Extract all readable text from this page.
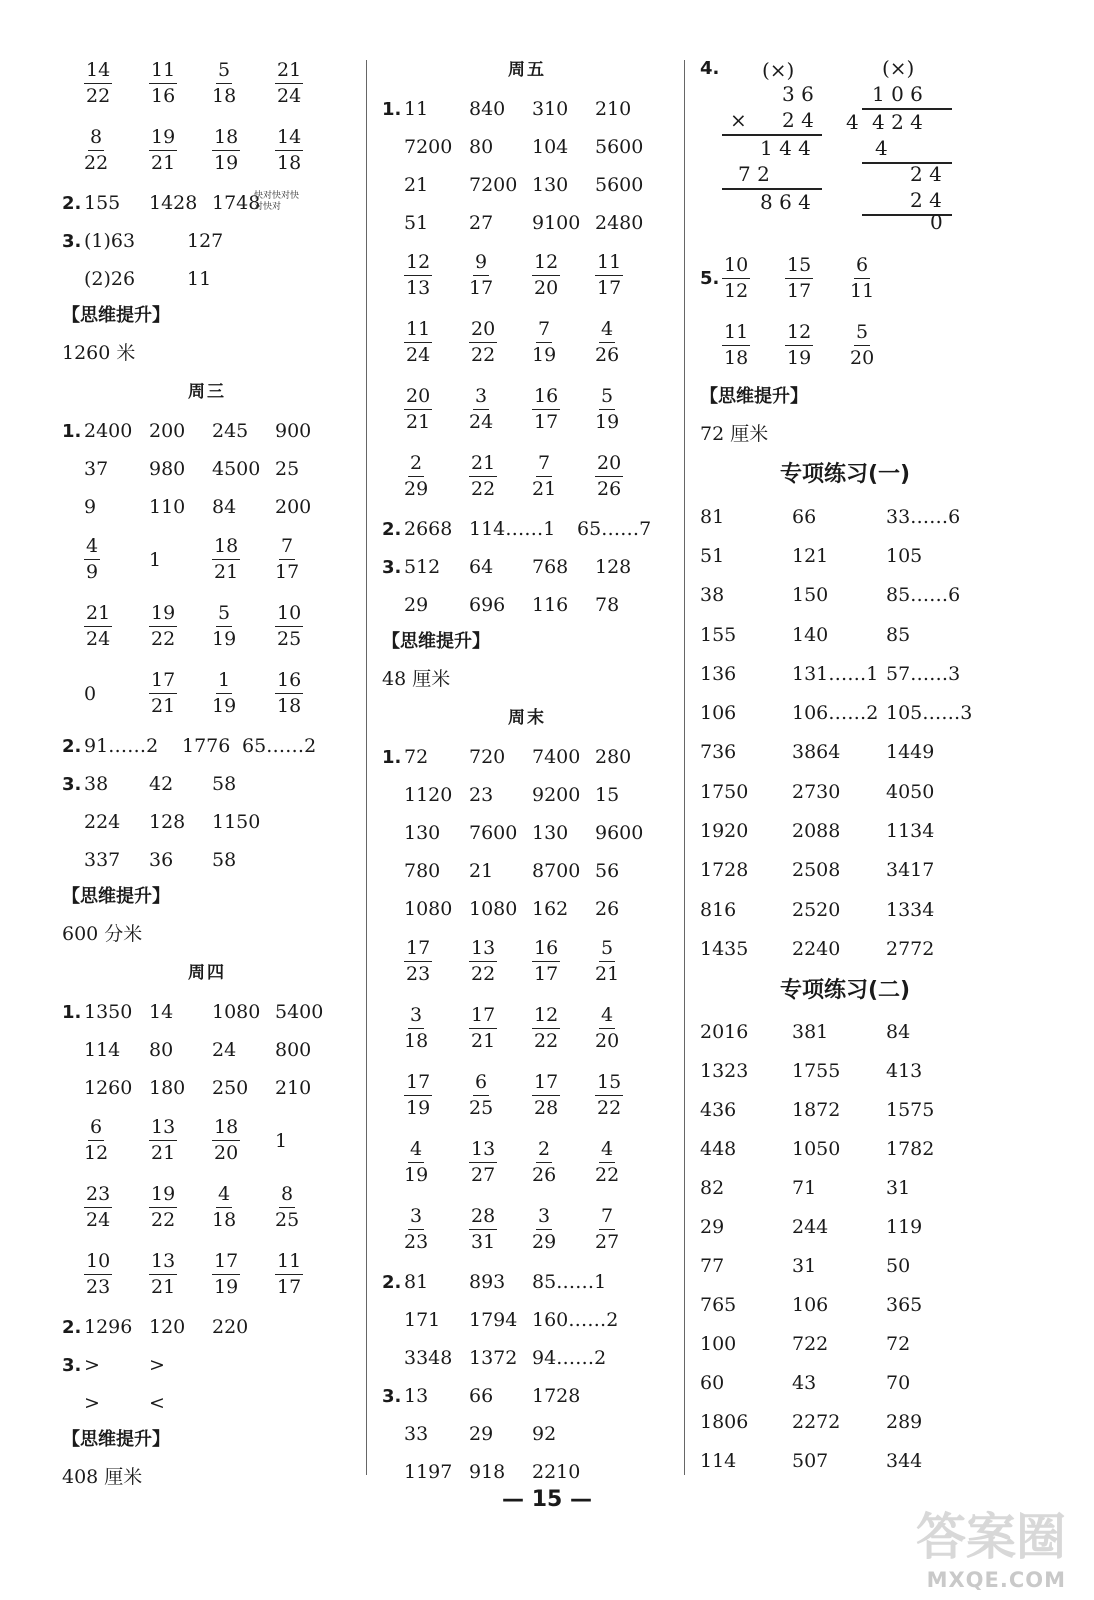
$\frac{14}{22} \frac{11}{16} \frac{5}{18} \frac{21}{24}$
$\frac{8}{22} \frac{19}{21} \frac{18}{19} \frac{14}{18}$
2. 155 1428 1748
快对快对快对快对
3. (1)63	127
(2)26	11
【思维提升】
1260 米
周三
1. 2400 200 245 900
37 980 4500 25
9	110 84 200
$\frac{4}{9}$	1	$\frac{18}{21} \frac{7}{17}$
$\frac{21}{24} \frac{19}{22} \frac{5}{19} \frac{10}{25}$
0	$\frac{17}{21} \frac{1}{19} \frac{16}{18}$
2. 91……2 1776 65……2
3. 38 42 58
224 128 1150
337 36 58
【思维提升】
600 分米
周四
1. 1350 14 1080 5400
114 80 24 800
1260 180 250 210
$\frac{6}{12} \frac{13}{21} \frac{18}{20} 1$
$\frac{23}{24} \frac{19}{22} \frac{4}{18} \frac{8}{25}$
$\frac{10}{23} \frac{13}{21} \frac{17}{19} \frac{11}{17}$
2. 1296 120 220
3. >	>
>	<
【思维提升】
408 厘米
周五
1. 11 840 310 210
7200 80 104 5600
21 7200 130 5600
51 27 9100 2480
$\frac{12}{13} \frac{9}{17} \frac{12}{20} \frac{11}{17}$
$\frac{11}{24} \frac{20}{22} \frac{7}{19} \frac{4}{26}$
$\frac{20}{21} \frac{3}{24} \frac{16}{17} \frac{5}{19}$
$\frac{2}{29} \frac{21}{22} \frac{7}{21} \frac{20}{26}$
2. 2668 114……1 65……7
3. 512 64 768 128
29 696 116 78
【思维提升】
48 厘米
周末
1. 72 720 7400 280
1120 23 9200 15
130 7600 130 9600
780 21 8700 56
1080 1080 162 26
$\frac{17}{23} \frac{13}{22} \frac{16}{17} \frac{5}{21}$
$\frac{3}{18} \frac{17}{21} \frac{12}{22} \frac{4}{20}$
$\frac{17}{19} \frac{6}{25} \frac{17}{28} \frac{15}{22}$
$\frac{4}{19} \frac{13}{27} \frac{2}{26} \frac{4}{22}$
$\frac{3}{23} \frac{28}{31} \frac{3}{29} \frac{7}{27}$
2. 81 893 85……1
171 1794 160……2
3348 1372 94……2
3. 13 66 1728
33 29 92
1197 918 2210
4. (×)	(×)
3 6
× 2 4
1 4 4
7 2
8 6 4
1 0 6
4 4 2 4
4
2 4
2 4
0
5. $\frac{10}{12} \frac{15}{17} \frac{6}{11}$
$\frac{11}{18} \frac{12}{19} \frac{5}{20}$
【思维提升】
72 厘米
专项练习(一)
81	66	33……6
51	121	105
38	150	85……6
155	140	85
136	131……1 57……3
106	106……2 105……3
736	3864 1449
1750 2730 4050
1920 2088 1134
1728 2508 3417
816	2520 1334
1435 2240 2772
专项练习(二)
2016 381	84
1323 1755 413
436	1872 1575
448	1050 1782
82	71	31
29	244	119
77	31	50
765	106	365
100	722	72
60	43	70
1806 2272 289
114	507	344
— 15 —
答案圈
MXQE.COM
